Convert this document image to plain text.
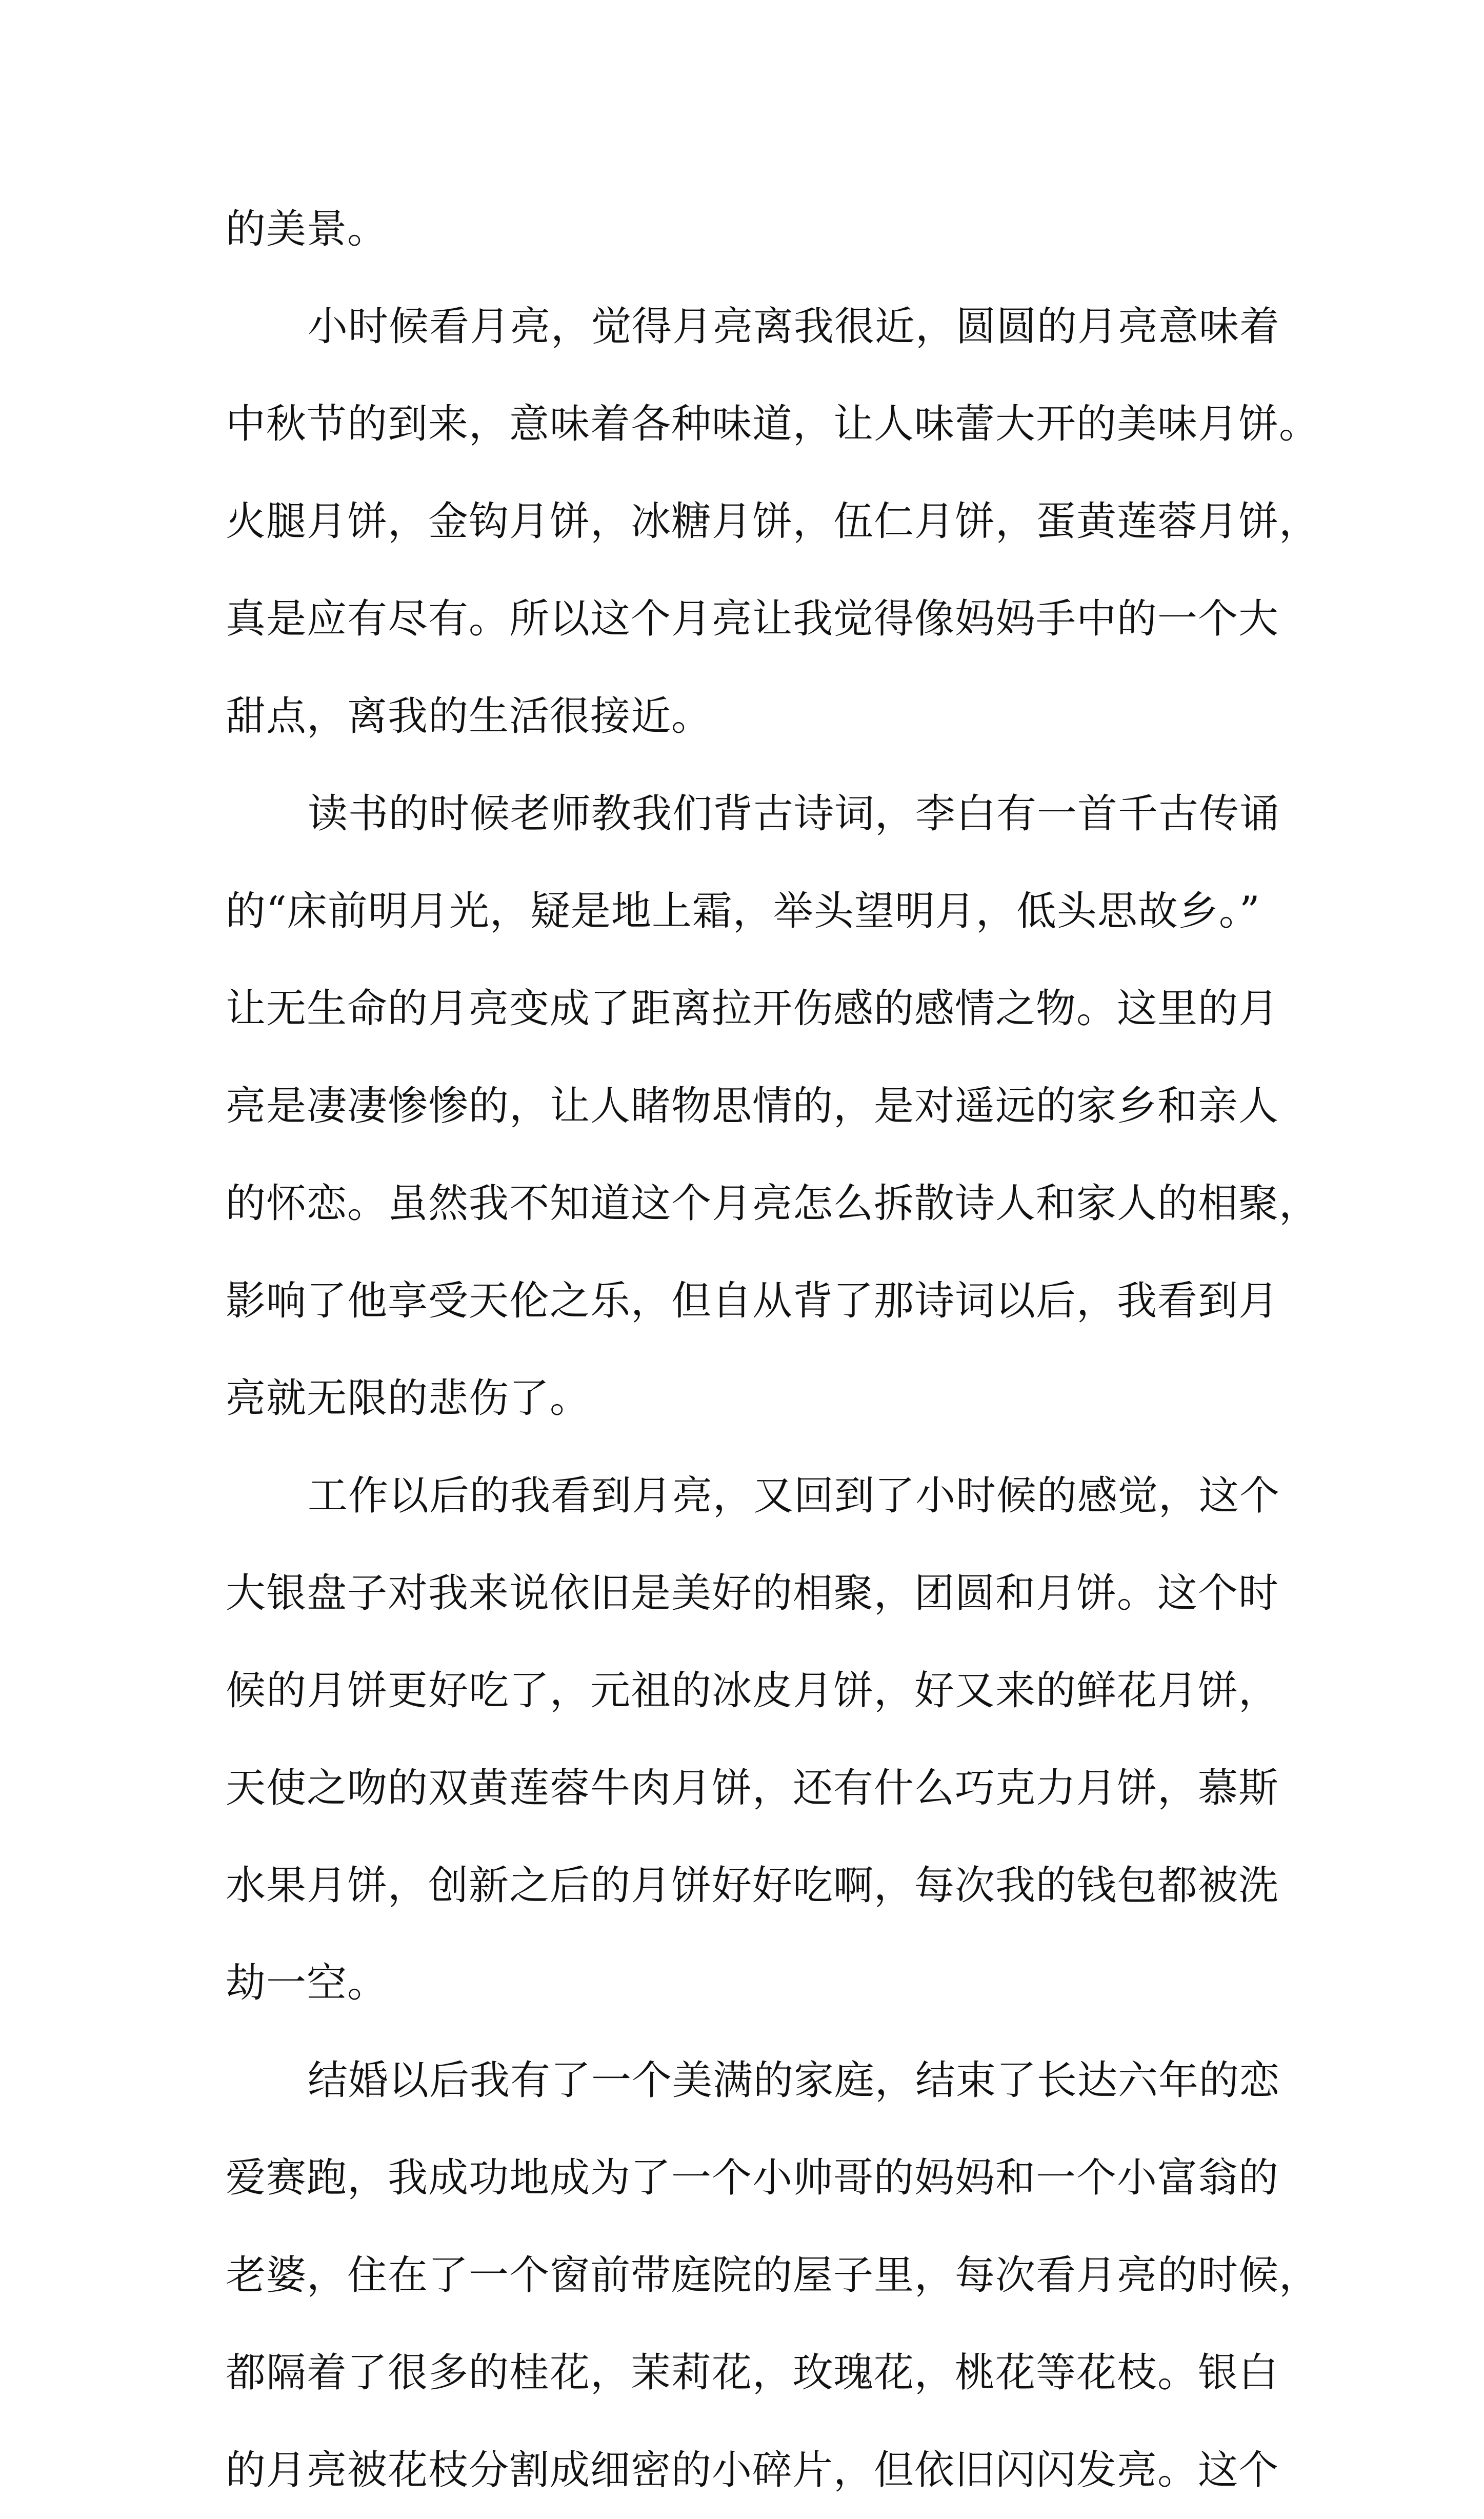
的美景。
小时候看月亮，觉得月亮离我很近，圆圆的月亮意味着
中秋节的到来，意味着各种味道，让人味蕾大开的美味月饼。
火腿月饼，金钩月饼，冰糖月饼，伍仁月饼，蛋黄莲蓉月饼，
真是应有尽有。所以这个月亮让我觉得像妈妈手中的一个大
甜点，离我的生活很接近。
读书的时候老师教我们背古诗词，李白有一首千古传诵
的“床前明月光，疑是地上霜，举头望明月，低头思故乡。”
让无生命的月亮变成了距离拉开伤感的感情之物。这里的月
亮是凄凄惨惨的，让人睹物思情的，是对遥远的家乡和亲人
的怀恋。虽然我不知道这个月亮怎么拆散诗人和家人的相聚，
影响了他享受天伦之乐，但自从背了那诗词以后，我看到月
亮就无限的悲伤了。
工作以后的我看到月亮，又回到了小时候的感觉，这个
大银盘子对我来说依旧是美好的相聚，团圆和月饼。这个时
候的月饼更好吃了，元祖的冰皮月饼，好又来的鲜花月饼，
天使之吻的双黄莲蓉牛肉月饼，还有什么巧克力月饼，慕斯
水果月饼，创新之后的月饼好好吃啊，每次我的钱包都被洗
劫一空。
结婚以后我有了一个美满的家庭，结束了长达六年的恋
爱赛跑，我成功地成为了一个小帅哥的妈妈和一个小富翁的
老婆，住在了一个窗前带庭院的屋子里，每次看月亮的时候，
都隔着了很多的桂花，茉莉花，玫瑰花，桃花等花枝。银白
的月亮被花枝分割成细密的小碎片，但依旧闪闪发亮。这个
